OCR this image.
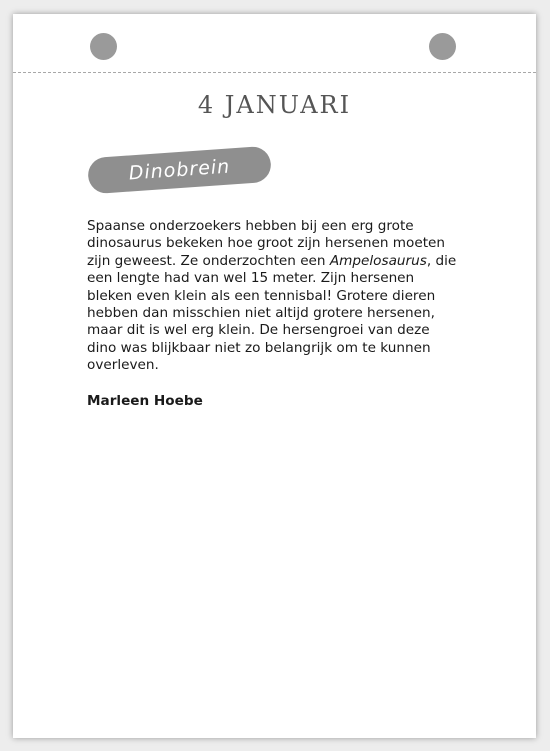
4 JANUARI
Dinobrein
Spaanse onderzoekers hebben bij een erg grote dinosaurus bekeken hoe groot zijn hersenen moeten zijn geweest. Ze onderzochten een Ampelosaurus, die een lengte had van wel 15 meter. Zijn hersenen bleken even klein als een tennisbal! Grotere dieren hebben dan misschien niet altijd grotere hersenen, maar dit is wel erg klein. De hersengroei van deze dino was blijkbaar niet zo belangrijk om te kunnen overleven.
Marleen Hoebe
